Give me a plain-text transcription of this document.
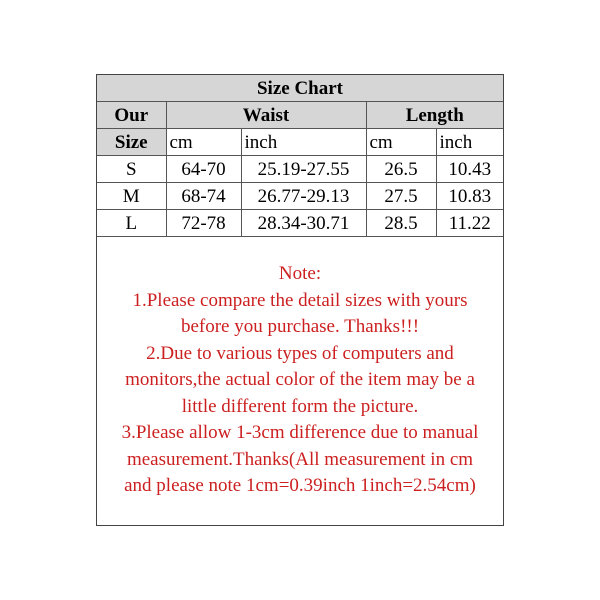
Size Chart				
Our	Waist		Length	
Size	cm	inch	cm	inch
S	64-70	25.19-27.55	26.5	10.43
M	68-74	26.77-29.13	27.5	10.83
L	72-78	28.34-30.71	28.5	11.22
Note:
1.Please compare the detail sizes with yours
before you purchase. Thanks!!!
2.Due to various types of computers and
monitors,the actual color of the item may be a
little different form the picture.
3.Please allow 1-3cm difference due to manual
measurement.Thanks(All measurement in cm
and please note 1cm=0.39inch 1inch=2.54cm)
